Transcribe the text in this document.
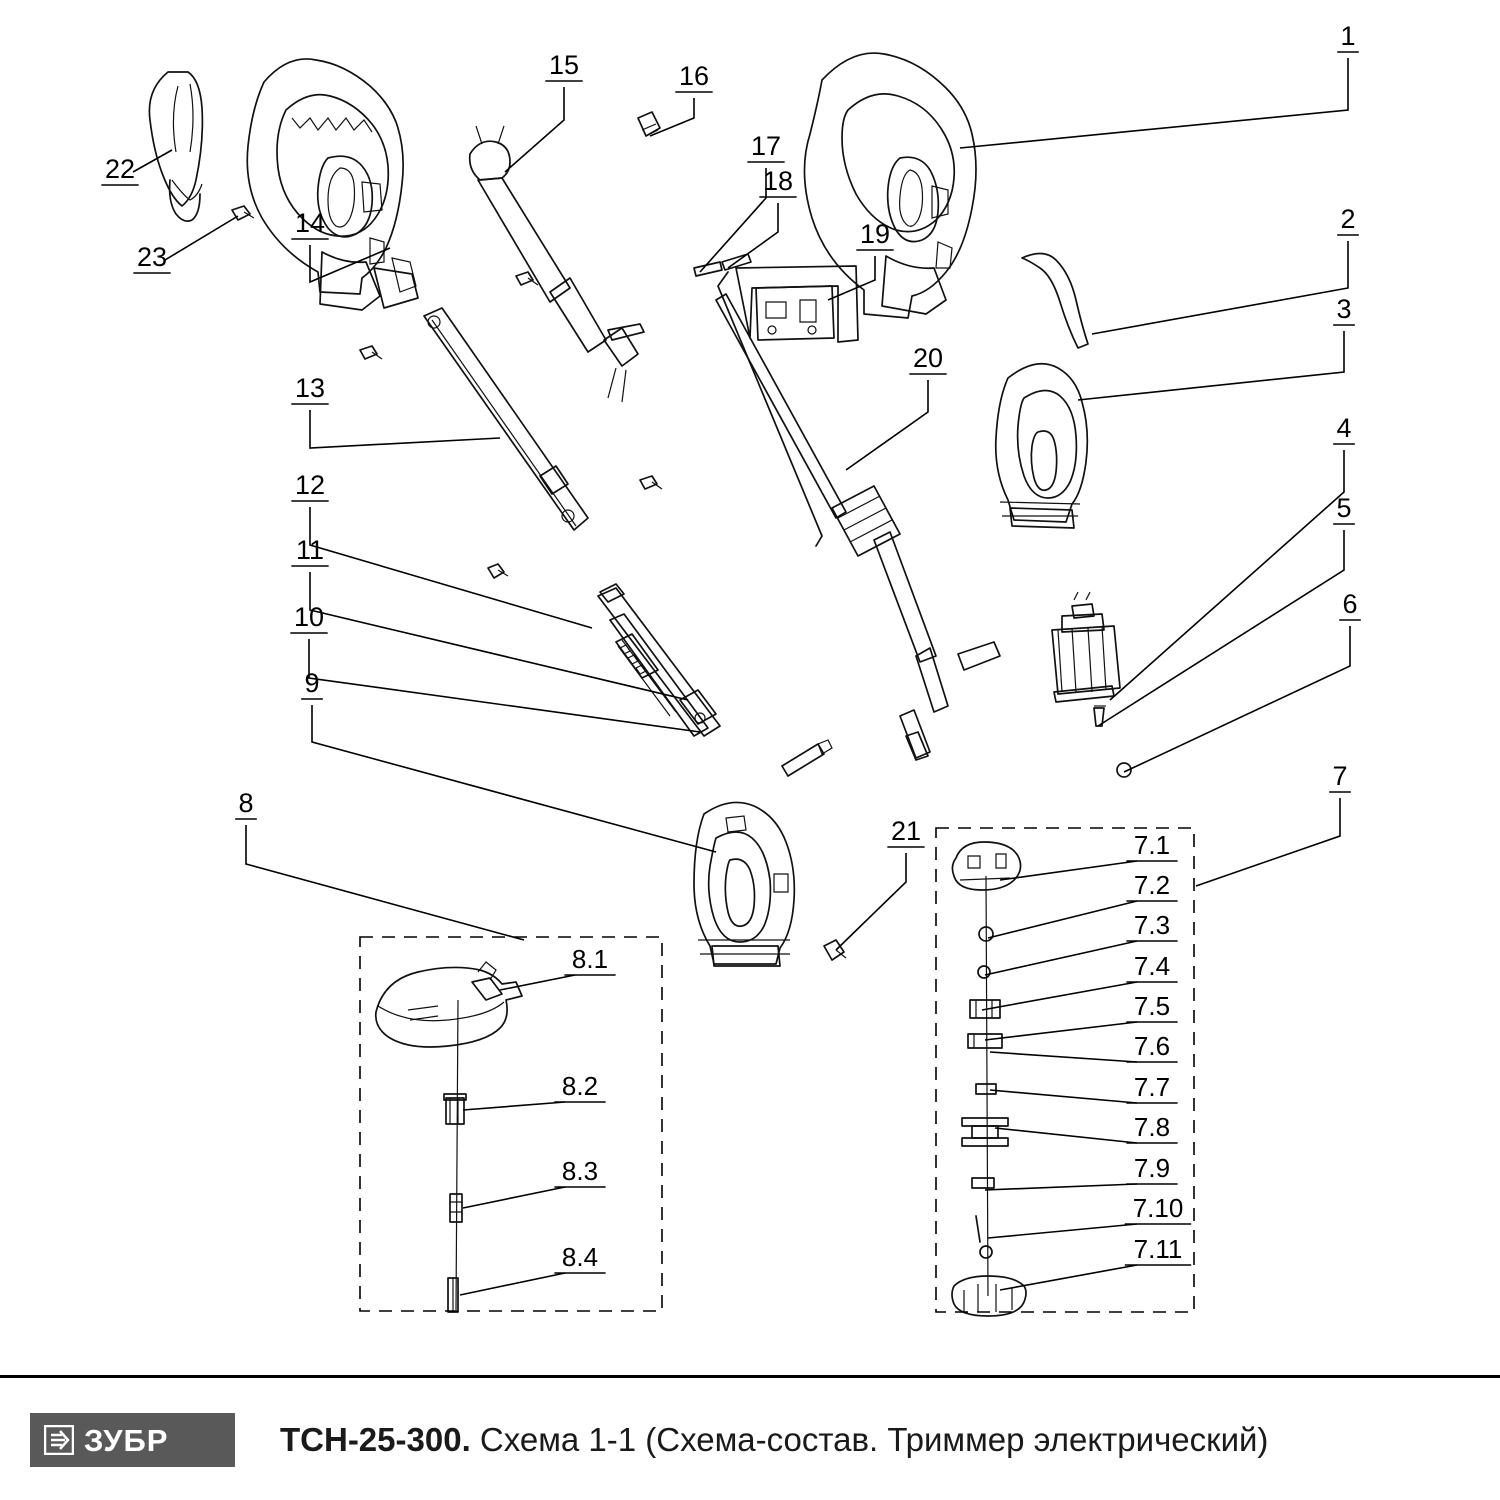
1
2
3
4
5
6
7
8
9
10
11
12
13
14
15	16
17
18
19
20
21
22
23
8.1
8.2
8.3
8.4
7.1
7.2
7.3
7.4
7.5
7.6
7.7
7.8
7.9
7.10
7.11
ЗУБР	ТСН-25-300. Схема 1-1 (Схема-состав. Триммер электрический)
